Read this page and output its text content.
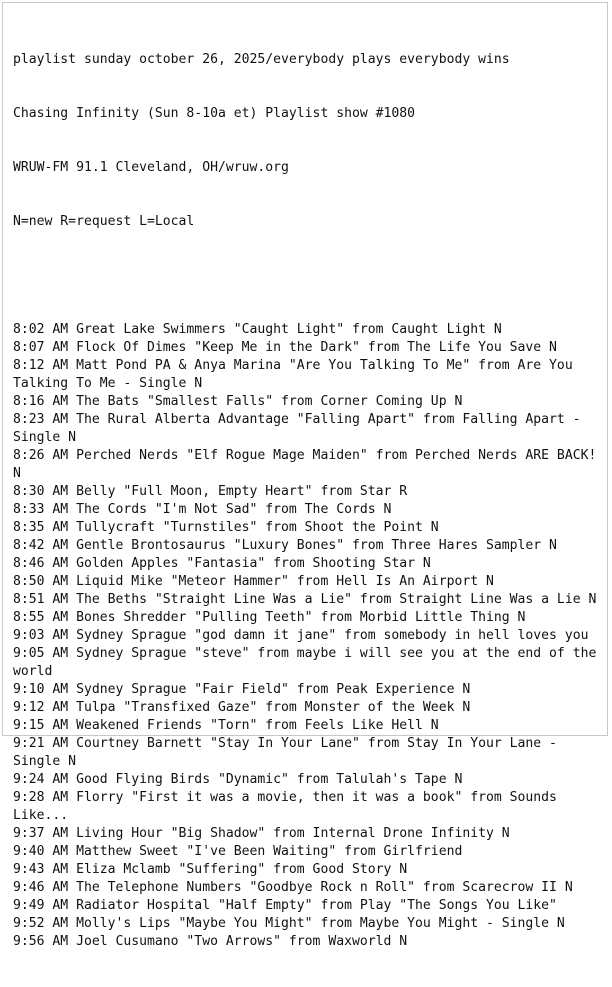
playlist sunday october 26, 2025/everybody plays everybody wins

Chasing Infinity (Sun 8-10a et) Playlist show #1080

WRUW-FM 91.1 Cleveland, OH/wruw.org

N=new R=request L=Local

8:02 AM Great Lake Swimmers "Caught Light" from Caught Light N
8:07 AM Flock Of Dimes "Keep Me in the Dark" from The Life You Save N
8:12 AM Matt Pond PA & Anya Marina "Are You Talking To Me" from Are You
Talking To Me - Single N
8:16 AM The Bats "Smallest Falls" from Corner Coming Up N
8:23 AM The Rural Alberta Advantage "Falling Apart" from Falling Apart -
Single N
8:26 AM Perched Nerds "Elf Rogue Mage Maiden" from Perched Nerds ARE BACK!
N
8:30 AM Belly "Full Moon, Empty Heart" from Star R
8:33 AM The Cords "I'm Not Sad" from The Cords N
8:35 AM Tullycraft "Turnstiles" from Shoot the Point N
8:42 AM Gentle Brontosaurus "Luxury Bones" from Three Hares Sampler N
8:46 AM Golden Apples "Fantasia" from Shooting Star N
8:50 AM Liquid Mike "Meteor Hammer" from Hell Is An Airport N
8:51 AM The Beths "Straight Line Was a Lie" from Straight Line Was a Lie N
8:55 AM Bones Shredder "Pulling Teeth" from Morbid Little Thing N
9:03 AM Sydney Sprague "god damn it jane" from somebody in hell loves you
9:05 AM Sydney Sprague "steve" from maybe i will see you at the end of the
world
9:10 AM Sydney Sprague "Fair Field" from Peak Experience N
9:12 AM Tulpa "Transfixed Gaze" from Monster of the Week N
9:15 AM Weakened Friends "Torn" from Feels Like Hell N
9:21 AM Courtney Barnett "Stay In Your Lane" from Stay In Your Lane -
Single N
9:24 AM Good Flying Birds "Dynamic" from Talulah's Tape N
9:28 AM Florry "First it was a movie, then it was a book" from Sounds
Like...
9:37 AM Living Hour "Big Shadow" from Internal Drone Infinity N
9:40 AM Matthew Sweet "I've Been Waiting" from Girlfriend
9:43 AM Eliza Mclamb "Suffering" from Good Story N
9:46 AM The Telephone Numbers "Goodbye Rock n Roll" from Scarecrow II N
9:49 AM Radiator Hospital "Half Empty" from Play "The Songs You Like"
9:52 AM Molly's Lips "Maybe You Might" from Maybe You Might - Single N
9:56 AM Joel Cusumano "Two Arrows" from Waxworld N
